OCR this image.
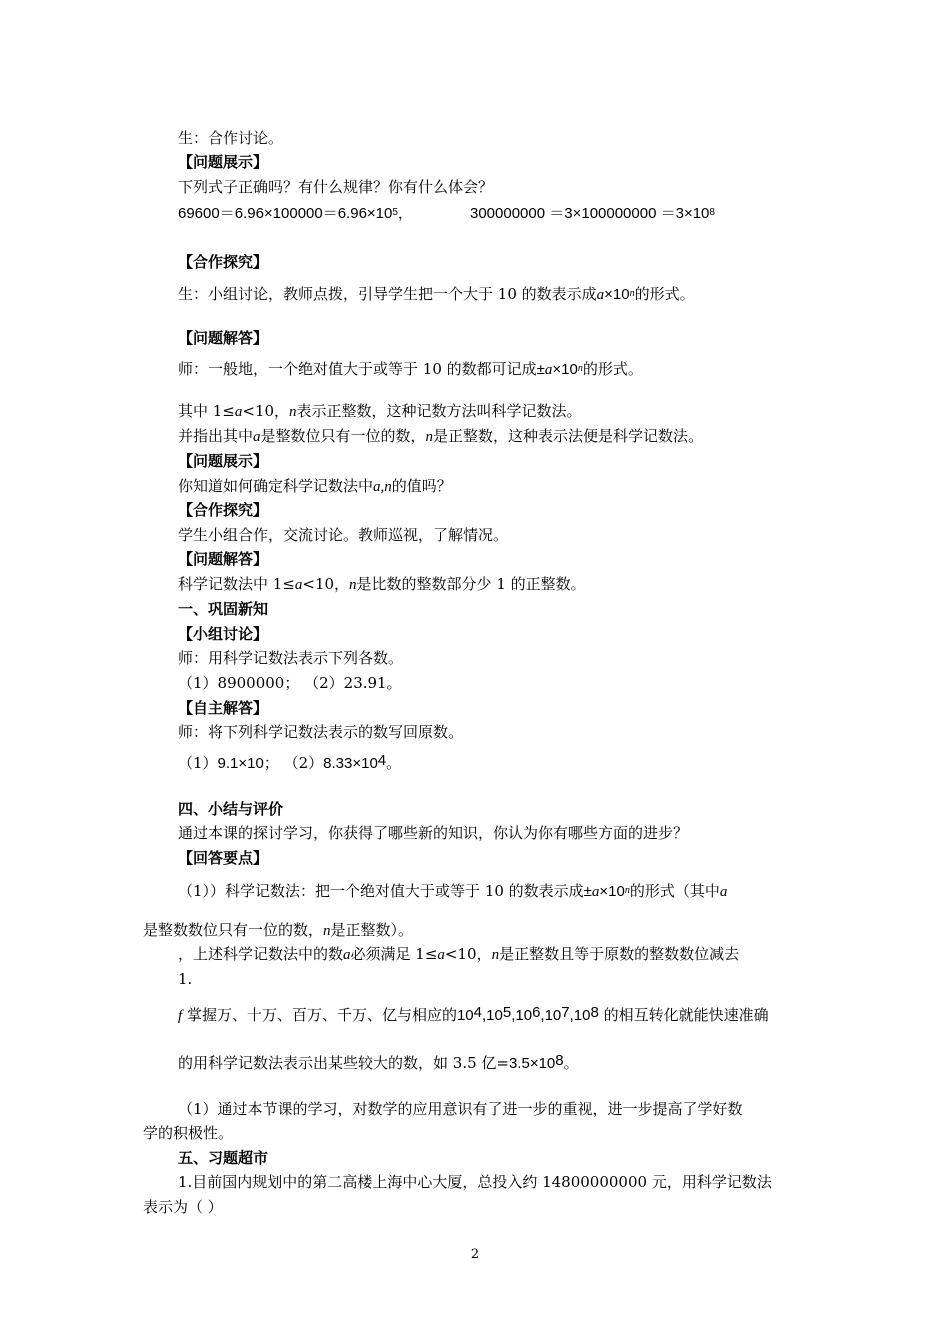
生：合作讨论。
【问题展示】
下列式子正确吗？有什么规律？你有什么体会？
$69600=6.96\times 100000=6.96\times 10^5$，	$300000000 =3\times 100000000 =3\times 10^8$
【合作探究】
生：小组讨论，教师点拨，引导学生把一个大于 10 的数表示成$a\times 10^n$的形式。
【问题解答】
师：一般地，一个绝对值大于或等于 10 的数都可记成$\pm a\times 10^n$的形式。
其中 1≤a<10，n表示正整数，这种记数方法叫科学记数法。
并指出其中a是整数位只有一位的数，n是正整数，这种表示法便是科学记数法。
【问题展示】
你知道如何确定科学记数法中a,n的值吗？
【合作探究】
学生小组合作，交流讨论。教师巡视，了解情况。
【问题解答】
科学记数法中 1≤a<10，n是比数的整数部分少 1 的正整数。
一、巩固新知
【小组讨论】
师：用科学记数法表示下列各数。
（1）8900000； （2）23.91。
【自主解答】
师：将下列科学记数法表示的数写回原数。
（1）9.1×10； $(2)8.33\times 10^4$。
四、小结与评价
通过本课的探讨学习，你获得了哪些新的知识，你认为你有哪些方面的进步？
【回答要点】
（1））科学记数法：把一个绝对值大于或等于 10 的数表示成$\pm a\times 10^n$的形式（其中a
是整数数位只有一位的数，n是正整数）。
，上述科学记数法中的数a必须满足 1≤a<10，n是正整数且等于原数的整数数位减去
1.
f 掌握万、十万、百万、千万、亿与相应的$10^4,10^5,10^6,10^7,10^8$ 的相互转化就能快速准确
的用科学记数法表示出某些较大的数，如 3.5 亿$=3.5\times 10^8$。
（1）通过本节课的学习，对数学的应用意识有了进一步的重视，进一步提高了学好数
学的积极性。
五、习题超市
1.目前国内规划中的第二高楼上海中心大厦，总投入约 14800000000 元，用科学记数法
表示为（ ）
2
